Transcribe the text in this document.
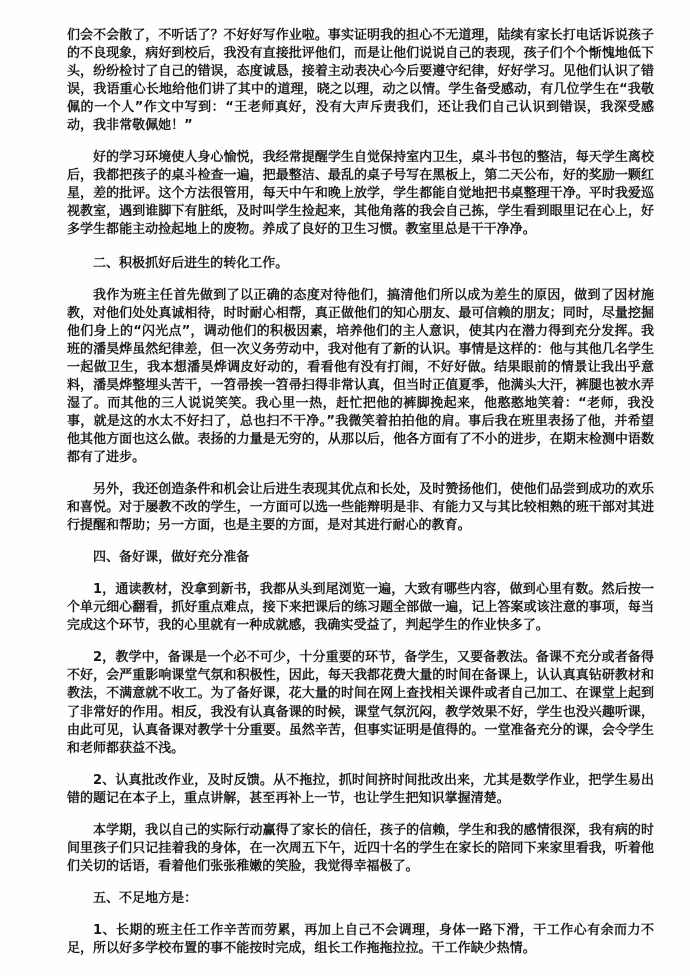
们会不会散了，不听话了？不好好写作业啦。事实证明我的担心不无道理，陆续有家长打电话诉说孩子的不良现象，病好到校后，我没有直接批评他们，而是让他们说说自己的表现，孩子们个个惭愧地低下头，纷纷检讨了自己的错误，态度诚恳，接着主动表决心今后要遵守纪律，好好学习。见他们认识了错误，我语重心长地给他们讲了其中的道理，晓之以理，动之以情。学生备受感动，有几位学生在“我敬佩的一个人”作文中写到：“王老师真好，没有大声斥责我们，还让我们自己认识到错误，我深受感动，我非常敬佩她！”

好的学习环境使人身心愉悦，我经常提醒学生自觉保持室内卫生，桌斗书包的整洁，每天学生离校后，我都把孩子的桌斗检查一遍，把最整洁、最乱的桌子号写在黑板上，第二天公布，好的奖励一颗红星，差的批评。这个方法很管用，每天中午和晚上放学，学生都能自觉地把书桌整理干净。平时我爱巡视教室，遇到谁脚下有脏纸，及时叫学生捡起来，其他角落的我会自己拣，学生看到眼里记在心上，好多学生都能主动捡起地上的废物。养成了良好的卫生习惯。教室里总是干干净净。

二、积极抓好后进生的转化工作。

我作为班主任首先做到了以正确的态度对待他们，搞清他们所以成为差生的原因，做到了因材施教，对他们处处真诚相待，时时耐心相帮，真正做他们的知心朋友、最可信赖的朋友；同时，尽量挖掘他们身上的“闪光点”，调动他们的积极因素，培养他们的主人意识，使其内在潜力得到充分发挥。我班的潘昊烨虽然纪律差，但一次义务劳动中，我对他有了新的认识。事情是这样的：他与其他几名学生一起做卫生，我本想潘昊烨调皮好动的，看看他有没有打闹，不好好做。结果眼前的情景让我出乎意料，潘昊烨整埋头苦干，一笤帚挨一笤帚扫得非常认真，但当时正值夏季，他满头大汗，裤腿也被水弄湿了。而其他的三人说说笑笑。我心里一热，赶忙把他的裤脚挽起来，他憨憨地笑着：“老师，我没事，就是这的水太不好扫了，总也扫不干净。”我微笑着拍拍他的肩。事后我在班里表扬了他，并希望他其他方面也这么做。表扬的力量是无穷的，从那以后，他各方面有了不小的进步，在期末检测中语数都有了进步。

另外，我还创造条件和机会让后进生表现其优点和长处，及时赞扬他们，使他们品尝到成功的欢乐和喜悦。对于屡教不改的学生，一方面可以选一些能辩明是非、有能力又与其比较相熟的班干部对其进行提醒和帮助；另一方面，也是主要的方面，是对其进行耐心的教育。

四、备好课，做好充分准备

1，通读教材，没拿到新书，我都从头到尾浏览一遍，大致有哪些内容，做到心里有数。然后按一个单元细心翻看，抓好重点难点，接下来把课后的练习题全部做一遍，记上答案或该注意的事项，每当完成这个环节，我的心里就有一种成就感，我确实受益了，判起学生的作业快多了。

2，教学中，备课是一个必不可少，十分重要的环节，备学生，又要备教法。备课不充分或者备得不好，会严重影响课堂气氛和积极性，因此，每天我都花费大量的时间在备课上，认认真真钻研教材和教法，不满意就不收工。为了备好课，花大量的时间在网上查找相关课件或者自己加工、在课堂上起到了非常好的作用。相反，我没有认真备课的时候，课堂气氛沉闷，教学效果不好，学生也没兴趣听课，由此可见，认真备课对教学十分重要。虽然辛苦，但事实证明是值得的。一堂准备充分的课，会令学生和老师都获益不浅。

2、认真批改作业，及时反馈。从不拖拉，抓时间挤时间批改出来，尤其是数学作业，把学生易出错的题记在本子上，重点讲解，甚至再补上一节，也让学生把知识掌握清楚。

本学期，我以自己的实际行动赢得了家长的信任，孩子的信赖，学生和我的感情很深，我有病的时间里孩子们只记挂着我的身体，在一次周五下午，近四十名的学生在家长的陪同下来家里看我，听着他们关切的话语，看着他们张张稚嫩的笑脸，我觉得幸福极了。

五、不足地方是：

1、长期的班主任工作辛苦而劳累，再加上自己不会调理，身体一路下滑，干工作心有余而力不足，所以好多学校布置的事不能按时完成，组长工作拖拖拉拉。干工作缺少热情。
